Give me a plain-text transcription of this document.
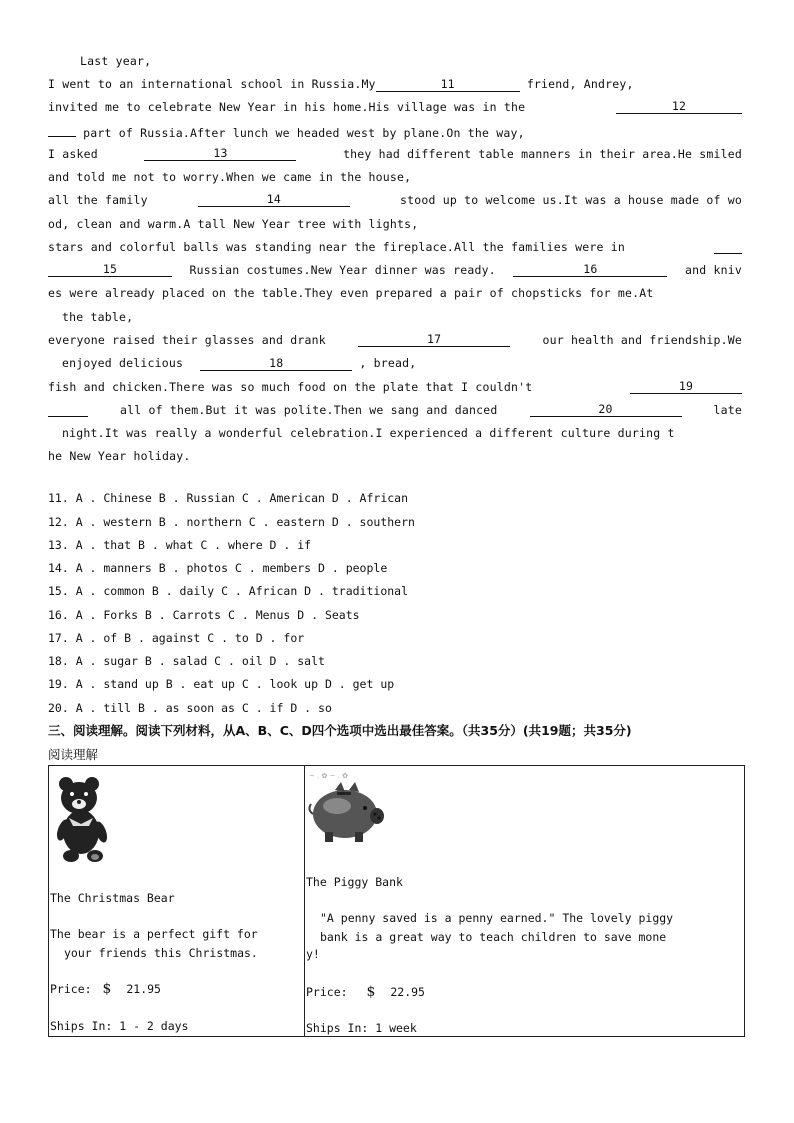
Last year,
I went to an international school in Russia.My	11	friend, Andrey,
invited me to celebrate New Year in his home.His village was in the	12
part of Russia.After lunch we headed west by plane.On the way,
I asked	13	they had different table manners in their area.He smiled
and told me not to worry.When we came in the house,
all the family	14	stood up to welcome us.It was a house made of wo
od, clean and warm.A tall New Year tree with lights,
stars and colorful balls was standing near the fireplace.All the families were in
15	Russian costumes.New Year dinner was ready.	16	and kniv
es were already placed on the table.They even prepared a pair of chopsticks for me.At
the table,
everyone raised their glasses and drank	17	our health and friendship.We
enjoyed delicious	18	, bread,
fish and chicken.There was so much food on the plate that I couldn't	19
all of them.But it was polite.Then we sang and danced	20	late
night.It was really a wonderful celebration.I experienced a different culture during t
he New Year holiday.
11. A . Chinese B . Russian C . American D . African
12. A . western B . northern C . eastern D . southern
13. A . that B . what C . where D . if
14. A . manners B . photos C . members D . people
15. A . common B . daily C . African D . traditional
16. A . Forks B . Carrots C . Menus D . Seats
17. A . of B . against C . to D . for
18. A . sugar B . salad C . oil D . salt
19. A . stand up B . eat up C . look up D . get up
20. A . till B . as soon as C . if D . so
三、阅读理解。阅读下列材料，从A、B、C、D四个选项中选出最佳答案。（共35分）(共19题；共35分)
阅读理解
The Christmas Bear
The bear is a perfect gift for
your friends this Christmas.
Price: $ 21.95
Ships In: 1 - 2 days
~ . ✿ ~ . ✿
The Piggy Bank
"A penny saved is a penny earned." The lovely piggy
bank is a great way to teach children to save mone
y!
Price: $ 22.95
Ships In: 1 week
